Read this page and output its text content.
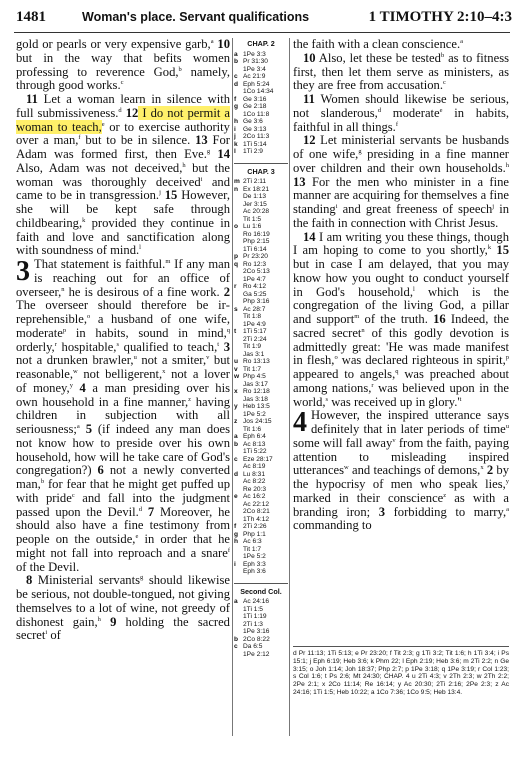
1481	Woman's place. Servant qualifications	1 TIMOTHY 2:10–4:3

gold or pearls or very expensive garb,$^a$ 10 but in the way that befits women professing to reverence God,$^b$ namely, through good works.$^c$

11 Let a woman learn in silence with full submissiveness.$^d$ 12 I do not permit a woman to teach,$^e$ or to exercise authority over a man,$^f$ but to be in silence. 13 For Adam was formed first, then Eve.$^g$ 14 Also, Adam was not deceived,$^h$ but the woman was thoroughly deceived$^i$ and came to be in transgression.$^j$ 15 However, she will be kept safe through childbearing,$^k$ provided they continue in faith and love and sanctification along with soundness of mind.$^l$

3 That statement is faithful.$^m$ If any man is reaching out for an office of overseer,$^n$ he is desirous of a fine work. 2 The overseer should therefore be irreprehensible,$^o$ a husband of one wife, moderate$^p$ in habits, sound in mind,$^q$ orderly,$^r$ hospitable,$^s$ qualified to teach,$^t$ 3 not a drunken brawler,$^u$ not a smiter,$^v$ but reasonable,$^w$ not belligerent,$^x$ not a lover of money,$^y$ 4 a man presiding over his own household in a fine manner,$^z$ having children in subjection with all seriousness;$^a$ 5 (if indeed any man does not know how to preside over his own household, how will he take care of God's congregation?) 6 not a newly converted man,$^b$ for fear that he might get puffed up with pride$^c$ and fall into the judgment passed upon the Devil.$^d$ 7 Moreover, he should also have a fine testimony from people on the outside,$^e$ in order that he might not fall into reproach and a snare$^f$ of the Devil.

8 Ministerial servants$^g$ should likewise be serious, not double-tongued, not giving themselves to a lot of wine, not greedy of dishonest gain,$^h$ 9 holding the sacred secret$^i$ of

CHAP. 2
a 1Pe 3:3
b Pr 31:30
1Pe 3:4
c Ac 21:9
d Eph 5:24
1Co 14:34
f Ge 3:16
g Ge 2:18
1Co 11:8
h Ge 3:6
i Ge 3:13
j 2Co 11:3
k 1Ti 5:14
l 1Ti 2:9
CHAP. 3
m 2Ti 2:11
n Ex 18:21
De 1:13
Jer 3:15
Ac 20:28
Tit 1:5
o Lu 1:6
Ro 16:19
Php 2:15
1Ti 6:14
p Pr 23:20
q Ro 12:3
2Co 5:13
1Pe 4:7
r Ro 4:12
Ga 5:25
Php 3:16
s Ac 28:7
Tit 1:8
1Pe 4:9
t 1Ti 5:17
2Ti 2:24
Tit 1:9
Jas 3:1
u Ro 13:13
v Tit 1:7
w Php 4:5
Jas 3:17
x Ro 12:18
Jas 3:18
y Heb 13:5
1Pe 5:2
z Jos 24:15
Tit 1:6
a Eph 6:4
b Ac 8:13
1Ti 5:22
c Eze 28:17
Ac 8:19
d Lu 8:31
Ac 8:22
Re 20:3
e Ac 16:2
Ac 22:12
2Co 8:21
1Th 4:12
f 2Ti 2:26
g Php 1:1
h Ac 6:3
Tit 1:7
1Pe 5:2
i Eph 3:3
Eph 3:6
Second Col.
a Ac 24:16
1Ti 1:5
1Ti 1:19
2Ti 1:3
1Pe 3:16
b 2Co 8:22
c Da 6:5
1Pe 2:12

the faith with a clean conscience.$^a$

10 Also, let these be tested$^b$ as to fitness first, then let them serve as ministers, as they are free from accusation.$^c$

11 Women should likewise be serious, not slanderous,$^d$ moderate$^e$ in habits, faithful in all things.$^f$

12 Let ministerial servants be husbands of one wife,$^g$ presiding in a fine manner over children and their own households.$^h$ 13 For the men who minister in a fine manner are acquiring for themselves a fine standing$^i$ and great freeness of speech$^j$ in the faith in connection with Christ Jesus.

14 I am writing you these things, though I am hoping to come to you shortly,$^k$ 15 but in case I am delayed, that you may know how you ought to conduct yourself in God's household,$^l$ which is the congregation of the living God, a pillar and support$^m$ of the truth. 16 Indeed, the sacred secret$^n$ of this godly devotion is admittedly great: 'He was made manifest in flesh,$^o$ was declared righteous in spirit,$^p$ appeared to angels,$^q$ was preached about among nations,$^r$ was believed upon in the world,$^s$ was received up in $glory.'^t$

4 However, the inspired utterance says definitely that in later periods of time$^u$ some will fall away$^v$ from the faith, paying attention to misleading inspired utterances$^w$ and teachings of demons,$^x$ 2 by the hypocrisy of men who speak lies,$^y$ marked in their conscience$^z$ as with a branding iron; 3 forbidding to marry,$^a$ commanding to

d Pr 11:13; 1Ti 5:13; e Pr 23:20; f Tit 2:3; g 1Ti 3:2; Tit 1:6; h 1Ti 3:4; i Ps 15:1; j Eph 6:19; Heb 3:6; k Phm 22; l Eph 2:19; Heb 3:6; m 2Ti 2:2; n Ge 3:15; o Joh 1:14; Joh 18:37; Php 2:7; p 1Pe 3:18; q 1Pe 3:19; r Col 1:23; s Col 1:6; t Ps 2:6; Mt 24:30; CHAP. 4 u 2Ti 4:3; v 2Th 2:3; w 2Th 2:2; 2Pe 2:1; x 2Co 11:14; Re 16:14; y Ac 20:30; 2Ti 2:16; 2Pe 2:3; z Ac 24:16; 1Ti 1:5; Heb 10:22; a 1Co 7:36; 1Co 9:5; Heb 13:4.
